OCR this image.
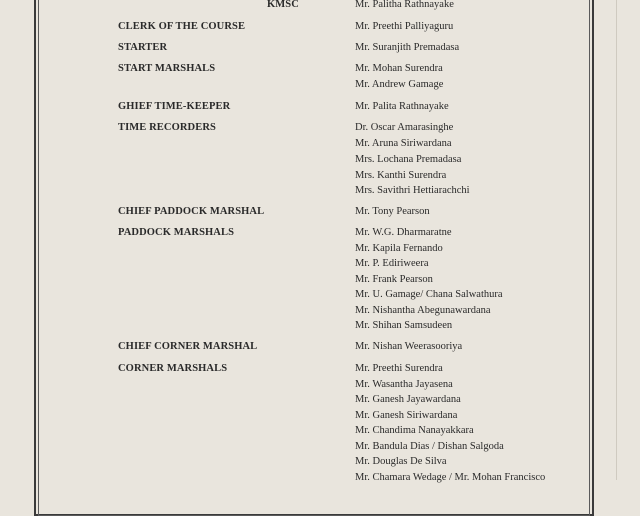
KMSC	Mr. Palitha Rathnayake
CLERK OF THE COURSE	Mr. Preethi Palliyaguru
STARTER	Mr. Suranjith Premadasa
START MARSHALS	Mr. Mohan Surendra
Mr. Andrew Gamage
GHIEF TIME-KEEPER	Mr. Palita Rathnayake
TIME RECORDERS	Dr. Oscar Amarasinghe
Mr. Aruna Siriwardana
Mrs. Lochana Premadasa
Mrs. Kanthi Surendra
Mrs. Savithri Hettiarachchi
CHIEF PADDOCK MARSHAL	Mr. Tony Pearson
PADDOCK MARSHALS	Mr. W.G. Dharmaratne
Mr. Kapila Fernando
Mr. P. Ediriweera
Mr. Frank Pearson
Mr. U. Gamage/ Chana Salwathura
Mr. Nishantha Abegunawardana
Mr. Shihan Samsudeen
CHIEF CORNER MARSHAL	Mr. Nishan Weerasooriya
CORNER MARSHALS	Mr. Preethi Surendra
Mr. Wasantha Jayasena
Mr. Ganesh Jayawardana
Mr. Ganesh Siriwardana
Mr. Chandima Nanayakkara
Mr. Bandula Dias / Dishan Salgoda
Mr. Douglas De Silva
Mr. Chamara Wedage / Mr. Mohan Francisco
